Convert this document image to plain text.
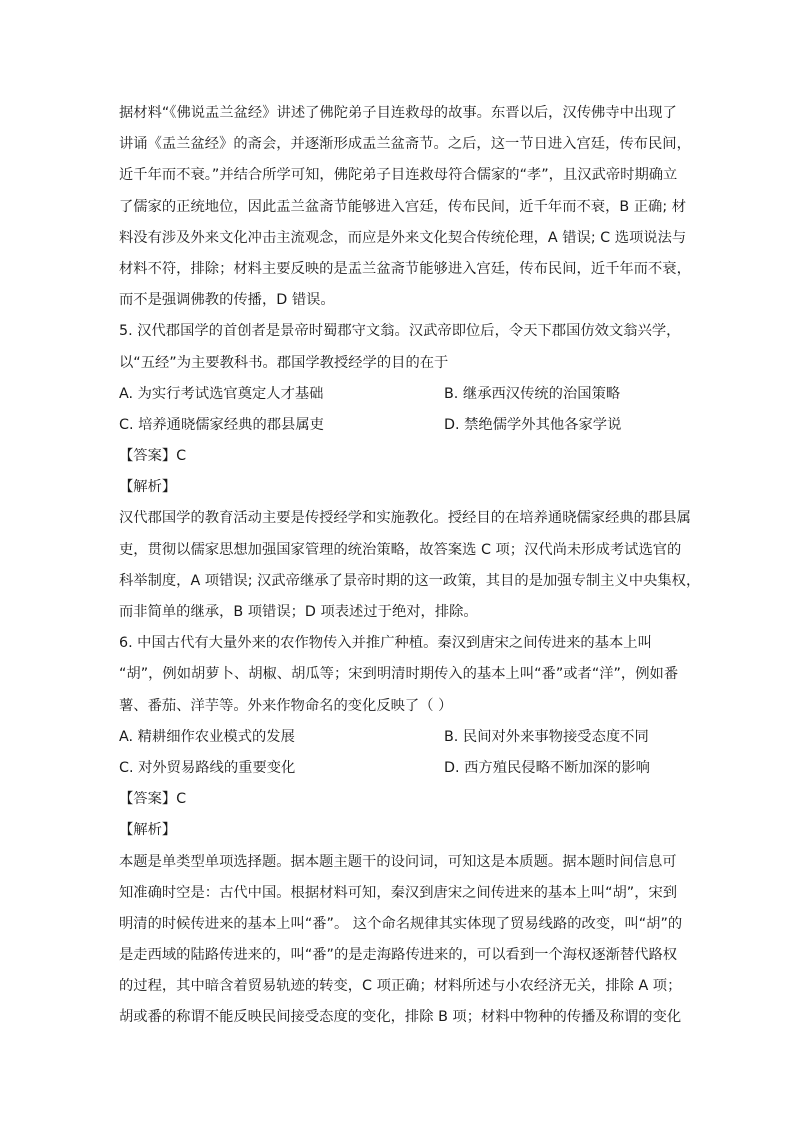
据材料“《佛说盂兰盆经》讲述了佛陀弟子目连救母的故事。东晋以后，汉传佛寺中出现了
讲诵《盂兰盆经》的斋会，并逐渐形成盂兰盆斋节。之后，这一节日进入宫廷，传布民间，
近千年而不衰。”并结合所学可知，佛陀弟子目连救母符合儒家的“孝”，且汉武帝时期确立
了儒家的正统地位，因此盂兰盆斋节能够进入宫廷，传布民间，近千年而不衰，B 正确; 材
料没有涉及外来文化冲击主流观念，而应是外来文化契合传统伦理，A 错误; C 选项说法与
材料不符，排除；材料主要反映的是盂兰盆斋节能够进入宫廷，传布民间，近千年而不衰，
而不是强调佛教的传播，D 错误。
5. 汉代郡国学的首创者是景帝时蜀郡守文翁。汉武帝即位后，令天下郡国仿效文翁兴学，
以“五经”为主要教科书。郡国学教授经学的目的在于
A. 为实行考试选官奠定人才基础	B. 继承西汉传统的治国策略
C. 培养通晓儒家经典的郡县属吏	D. 禁绝儒学外其他各家学说
【答案】C
【解析】
汉代郡国学的教育活动主要是传授经学和实施教化。授经目的在培养通晓儒家经典的郡县属
吏，贯彻以儒家思想加强国家管理的统治策略，故答案选 C 项；汉代尚未形成考试选官的
科举制度，A 项错误; 汉武帝继承了景帝时期的这一政策，其目的是加强专制主义中央集权，
而非简单的继承，B 项错误；D 项表述过于绝对，排除。
6. 中国古代有大量外来的农作物传入并推广种植。秦汉到唐宋之间传进来的基本上叫
“胡”，例如胡萝卜、胡椒、胡瓜等；宋到明清时期传入的基本上叫“番”或者“洋”，例如番
薯、番茄、洋芋等。外来作物命名的变化反映了（ ）
A. 精耕细作农业模式的发展	B. 民间对外来事物接受态度不同
C. 对外贸易路线的重要变化	D. 西方殖民侵略不断加深的影响
【答案】C
【解析】
本题是单类型单项选择题。据本题主题干的设问词，可知这是本质题。据本题时间信息可
知准确时空是：古代中国。根据材料可知，秦汉到唐宋之间传进来的基本上叫“胡”，宋到
明清的时候传进来的基本上叫“番”。 这个命名规律其实体现了贸易线路的改变，叫“胡”的
是走西域的陆路传进来的，叫“番”的是走海路传进来的，可以看到一个海权逐渐替代路权
的过程，其中暗含着贸易轨迹的转变，C 项正确；材料所述与小农经济无关，排除 A 项；
胡或番的称谓不能反映民间接受态度的变化，排除 B 项；材料中物种的传播及称谓的变化
